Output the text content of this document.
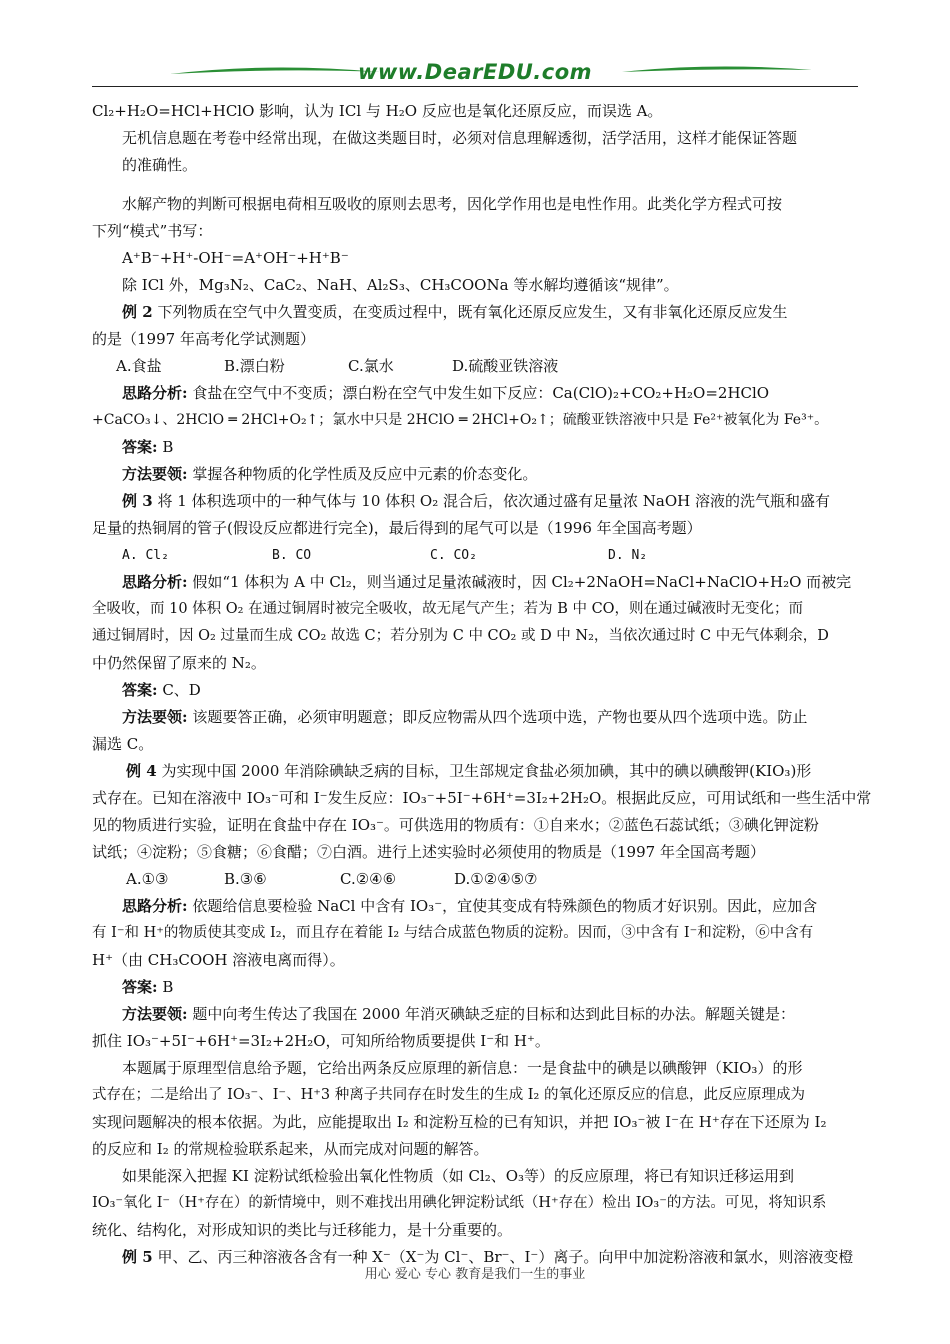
www.DearEDU.com

Cl₂+H₂O=HCl+HClO 影响，认为 ICl 与 H₂O 反应也是氧化还原反应，而误选 A。

无机信息题在考卷中经常出现，在做这类题目时，必须对信息理解透彻，活学活用，这样才能保证答题

的准确性。

水解产物的判断可根据电荷相互吸收的原则去思考，因化学作用也是电性作用。此类化学方程式可按

下列“模式”书写：

A⁺B⁻+H⁺-OH⁻=A⁺OH⁻+H⁺B⁻

除 ICl 外，Mg₃N₂、CaC₂、NaH、Al₂S₃、CH₃COONa 等水解均遵循该“规律”。

例 2 下列物质在空气中久置变质，在变质过程中，既有氧化还原反应发生，又有非氧化还原反应发生

的是（1997 年高考化学试测题）

A.食盐	B.漂白粉	C.氯水	D.硫酸亚铁溶液

思路分析: 食盐在空气中不变质；漂白粉在空气中发生如下反应：Ca(ClO)₂+CO₂+H₂O=2HClO

+CaCO₃↓、2HClO ═ 2HCl+O₂↑；氯水中只是 2HClO ═ 2HCl+O₂↑；硫酸亚铁溶液中只是 Fe²⁺被氧化为 Fe³⁺。

答案: B

方法要领: 掌握各种物质的化学性质及反应中元素的价态变化。

例 3 将 1 体积选项中的一种气体与 10 体积 O₂ 混合后，依次通过盛有足量浓 NaOH 溶液的洗气瓶和盛有

足量的热铜屑的管子(假设反应都进行完全)，最后得到的尾气可以是（1996 年全国高考题）

A. Cl₂	B. CO	C. CO₂	D. N₂

思路分析: 假如“1 体积为 A 中 Cl₂，则当通过足量浓碱液时，因 Cl₂+2NaOH=NaCl+NaClO+H₂O 而被完

全吸收，而 10 体积 O₂ 在通过铜屑时被完全吸收，故无尾气产生；若为 B 中 CO，则在通过碱液时无变化；而

通过铜屑时，因 O₂ 过量而生成 CO₂ 故选 C；若分别为 C 中 CO₂ 或 D 中 N₂，当依次通过时 C 中无气体剩余，D

中仍然保留了原来的 N₂。

答案: C、D

方法要领: 该题要答正确，必须审明题意；即反应物需从四个选项中选，产物也要从四个选项中选。防止

漏选 C。

例 4 为实现中国 2000 年消除碘缺乏病的目标，卫生部规定食盐必须加碘，其中的碘以碘酸钾(KIO₃)形

式存在。已知在溶液中 IO₃⁻可和 I⁻发生反应：IO₃⁻+5I⁻+6H⁺=3I₂+2H₂O。根据此反应，可用试纸和一些生活中常

见的物质进行实验，证明在食盐中存在 IO₃⁻。可供选用的物质有：①自来水；②蓝色石蕊试纸；③碘化钾淀粉

试纸；④淀粉；⑤食糖；⑥食醋；⑦白酒。进行上述实验时必须使用的物质是（1997 年全国高考题）

A.①③	B.③⑥	C.②④⑥	D.①②④⑤⑦

思路分析: 依题给信息要检验 NaCl 中含有 IO₃⁻，宜使其变成有特殊颜色的物质才好识别。因此，应加含

有 I⁻和 H⁺的物质使其变成 I₂，而且存在着能 I₂ 与结合成蓝色物质的淀粉。因而，③中含有 I⁻和淀粉，⑥中含有

H⁺（由 CH₃COOH 溶液电离而得）。

答案: B

方法要领: 题中向考生传达了我国在 2000 年消灭碘缺乏症的目标和达到此目标的办法。解题关键是：

抓住 IO₃⁻+5I⁻+6H⁺=3I₂+2H₂O，可知所给物质要提供 I⁻和 H⁺。

本题属于原理型信息给予题，它给出两条反应原理的新信息：一是食盐中的碘是以碘酸钾（KIO₃）的形

式存在；二是给出了 IO₃⁻、I⁻、H⁺3 种离子共同存在时发生的生成 I₂ 的氧化还原反应的信息，此反应原理成为

实现问题解决的根本依据。为此，应能提取出 I₂ 和淀粉互检的已有知识，并把 IO₃⁻被 I⁻在 H⁺存在下还原为 I₂

的反应和 I₂ 的常规检验联系起来，从而完成对问题的解答。

如果能深入把握 KI 淀粉试纸检验出氧化性物质（如 Cl₂、O₃等）的反应原理，将已有知识迁移运用到

IO₃⁻氧化 I⁻（H⁺存在）的新情境中，则不难找出用碘化钾淀粉试纸（H⁺存在）检出 IO₃⁻的方法。可见，将知识系

统化、结构化，对形成知识的类比与迁移能力，是十分重要的。

例 5 甲、乙、丙三种溶液各含有一种 X⁻（X⁻为 Cl⁻、Br⁻、I⁻）离子。向甲中加淀粉溶液和氯水，则溶液变橙

用心 爱心 专心 教育是我们一生的事业
